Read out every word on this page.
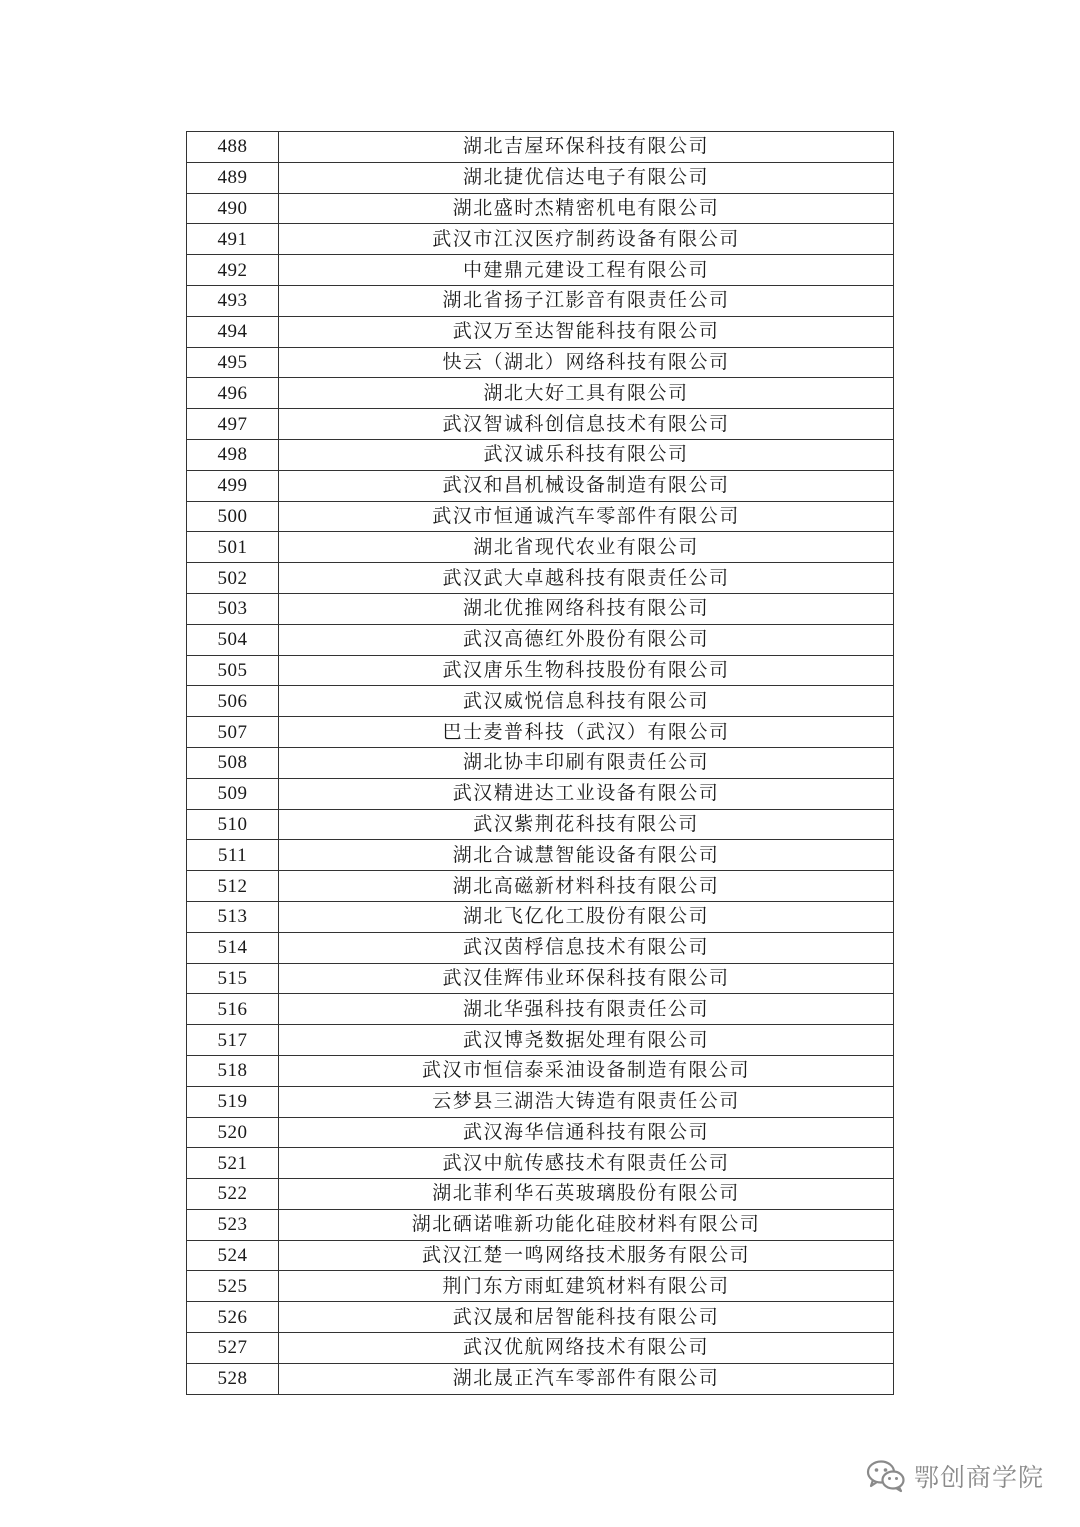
488	湖北吉屋环保科技有限公司
489	湖北捷优信达电子有限公司
490	湖北盛时杰精密机电有限公司
491	武汉市江汉医疗制药设备有限公司
492	中建鼎元建设工程有限公司
493	湖北省扬子江影音有限责任公司
494	武汉万至达智能科技有限公司
495	快云（湖北）网络科技有限公司
496	湖北大好工具有限公司
497	武汉智诚科创信息技术有限公司
498	武汉诚乐科技有限公司
499	武汉和昌机械设备制造有限公司
500	武汉市恒通诚汽车零部件有限公司
501	湖北省现代农业有限公司
502	武汉武大卓越科技有限责任公司
503	湖北优推网络科技有限公司
504	武汉高德红外股份有限公司
505	武汉唐乐生物科技股份有限公司
506	武汉威悦信息科技有限公司
507	巴士麦普科技（武汉）有限公司
508	湖北协丰印刷有限责任公司
509	武汉精进达工业设备有限公司
510	武汉紫荆花科技有限公司
511	湖北合诚慧智能设备有限公司
512	湖北高磁新材料科技有限公司
513	湖北飞亿化工股份有限公司
514	武汉茵桴信息技术有限公司
515	武汉佳辉伟业环保科技有限公司
516	湖北华强科技有限责任公司
517	武汉博尧数据处理有限公司
518	武汉市恒信泰采油设备制造有限公司
519	云梦县三湖浩大铸造有限责任公司
520	武汉海华信通科技有限公司
521	武汉中航传感技术有限责任公司
522	湖北菲利华石英玻璃股份有限公司
523	湖北硒诺唯新功能化硅胶材料有限公司
524	武汉江楚一鸣网络技术服务有限公司
525	荆门东方雨虹建筑材料有限公司
526	武汉晟和居智能科技有限公司
527	武汉优航网络技术有限公司
528	湖北晟正汽车零部件有限公司
鄂创商学院
